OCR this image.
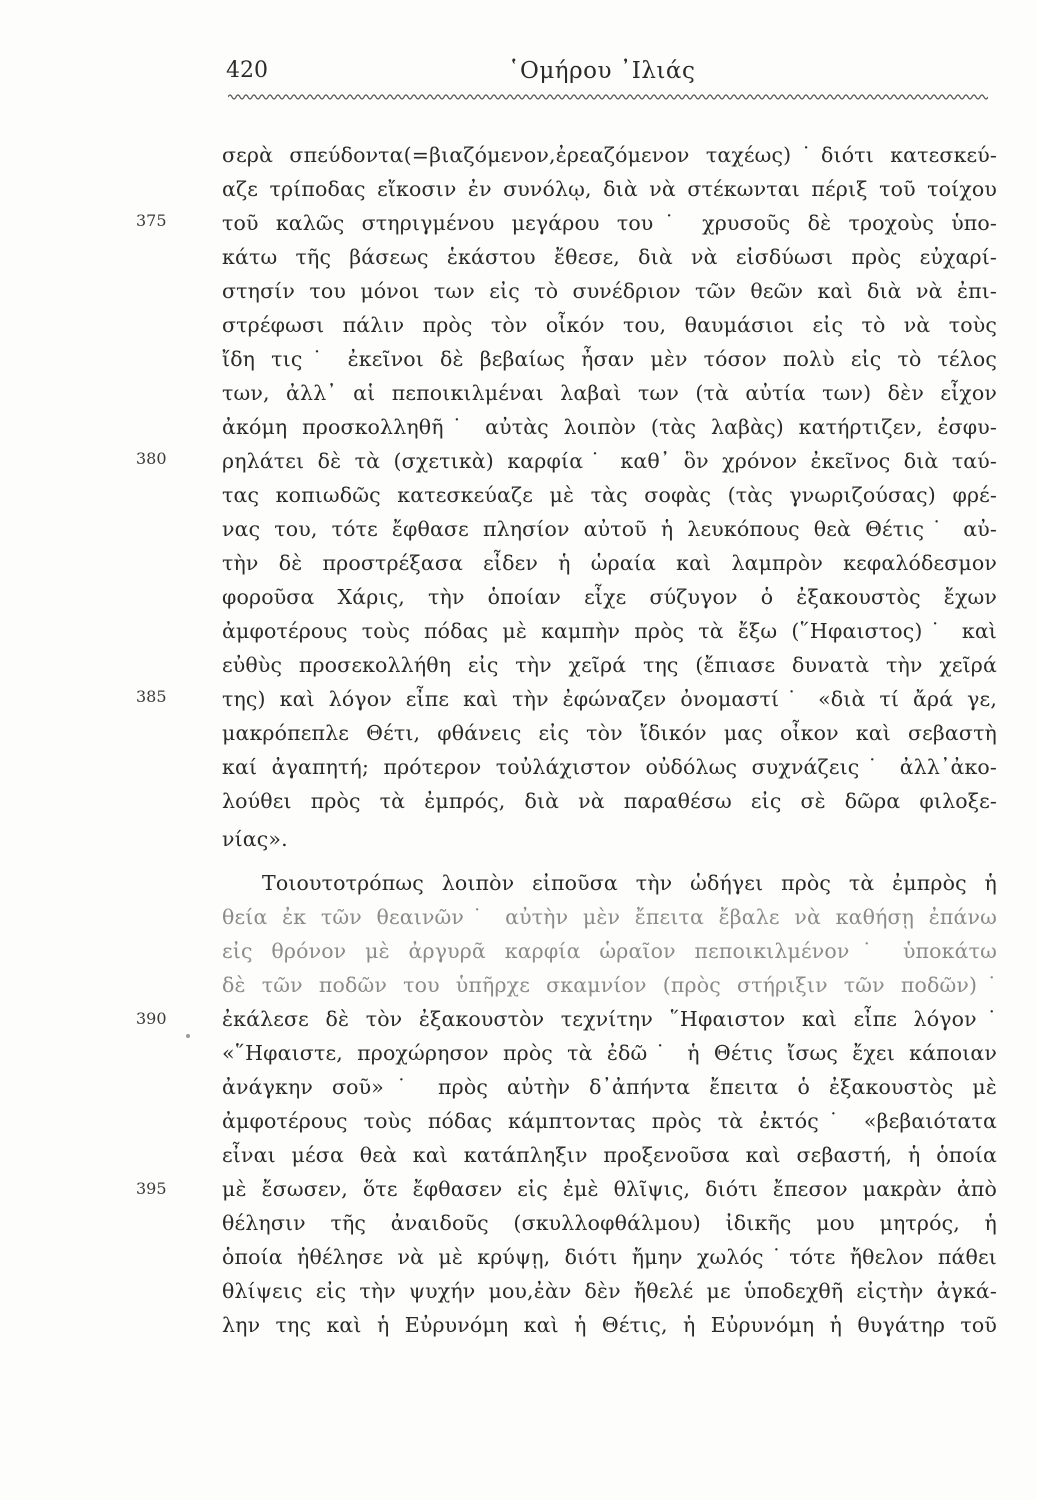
420	῾Ομήρου ᾿Ιλιάς
σερὰ σπεύδοντα(=βιαζόμενον,ἐρεαζόμενον ταχέως)˙διότι κατεσκεύ-
αζε τρίποδας εἴκοσιν ἐν συνόλῳ, διὰ νὰ στέκωνται πέριξ τοῦ τοίχου
τοῦ καλῶς στηριγμένου μεγάρου του˙ χρυσοῦς δὲ τροχοὺς ὑπο-
κάτω τῆς βάσεως ἑκάστου ἔθεσε, διὰ νὰ εἰσδύωσι πρὸς εὐχαρί-
στησίν του μόνοι των εἰς τὸ συνέδριον τῶν θεῶν καὶ διὰ νὰ ἐπι-
στρέφωσι πάλιν πρὸς τὸν οἶκόν του, θαυμάσιοι εἰς τὸ νὰ τοὺς
ἴδη τις˙ ἐκεῖνοι δὲ βεβαίως ἦσαν μὲν τόσον πολὺ εἰς τὸ τέλος
των, ἀλλ᾽ αἱ πεποικιλμέναι λαβαὶ των (τὰ αὐτία των) δὲν εἶχον
ἀκόμη προσκολληθῆ˙ αὐτὰς λοιπὸν (τὰς λαβὰς) κατήρτιζεν, ἐσφυ-
ρηλάτει δὲ τὰ (σχετικὰ) καρφία˙ καθ᾽ ὃν χρόνον ἐκεῖνος διὰ ταύ-
τας κοπιωδῶς κατεσκεύαζε μὲ τὰς σοφὰς (τὰς γνωριζούσας) φρέ-
νας του, τότε ἔφθασε πλησίον αὐτοῦ ἡ λευκόπους θεὰ Θέτις˙ αὐ-
τὴν δὲ προστρέξασα εἶδεν ἡ ὡραία καὶ λαμπρὸν κεφαλόδεσμον
φοροῦσα Χάρις, τὴν ὁποίαν εἶχε σύζυγον ὁ ἐξακουστὸς ἔχων
ἀμφοτέρους τοὺς πόδας μὲ καμπὴν πρὸς τὰ ἔξω (῞Ηφαιστος)˙ καὶ
εὐθὺς προσεκολλήθη εἰς τὴν χεῖρά της (ἔπιασε δυνατὰ τὴν χεῖρά
της) καὶ λόγον εἶπε καὶ τὴν ἐφώναζεν ὀνομαστί˙ «διὰ τί ἄρά γε,
μακρόπεπλε Θέτι, φθάνεις εἰς τὸν ἴδικόν μας οἶκον καὶ σεβαστὴ
καί ἀγαπητή; πρότερον τοὐλάχιστον οὐδόλως συχνάζεις˙ ἀλλ᾽ἀκο-
λούθει πρὸς τὰ ἐμπρός, διὰ νὰ παραθέσω εἰς σὲ δῶρα φιλοξε-
νίας».
Τοιουτοτρόπως λοιπὸν εἰποῦσα τὴν ὡδήγει πρὸς τὰ ἐμπρὸς ἡ
θεία ἐκ τῶν θεαινῶν˙ αὐτὴν μὲν ἔπειτα ἔβαλε νὰ καθήσῃ ἐπάνω
εἰς θρόνον μὲ ἀργυρᾶ καρφία ὡραῖον πεποικιλμένον˙ ὑποκάτω
δὲ τῶν ποδῶν του ὑπῆρχε σκαμνίον (πρὸς στήριξιν τῶν ποδῶν)˙
ἐκάλεσε δὲ τὸν ἐξακουστὸν τεχνίτην ῞Ηφαιστον καὶ εἶπε λόγον˙
«῞Ηφαιστε, προχώρησον πρὸς τὰ ἐδῶ˙ ἡ Θέτις ἴσως ἔχει κάποιαν
ἀνάγκην σοῦ»˙ πρὸς αὐτὴν δ᾽ἀπήντα ἔπειτα ὁ ἐξακουστὸς μὲ
ἀμφοτέρους τοὺς πόδας κάμπτοντας πρὸς τὰ ἐκτός˙ «βεβαιότατα
εἶναι μέσα θεὰ καὶ κατάπληξιν προξενοῦσα καὶ σεβαστή, ἡ ὁποία
μὲ ἔσωσεν, ὅτε ἔφθασεν εἰς ἐμὲ θλῖψις, διότι ἔπεσον μακρὰν ἀπὸ
θέλησιν τῆς ἀναιδοῦς (σκυλλοφθάλμου) ἰδικῆς μου μητρός, ἡ
ὁποία ἠθέλησε νὰ μὲ κρύψῃ, διότι ἤμην χωλός˙τότε ἤθελον πάθει
θλίψεις εἰς τὴν ψυχήν μου,ἐὰν δὲν ἤθελέ με ὑποδεχθῆ εἰςτὴν ἀγκά-
λην της καὶ ἡ Εὐρυνόμη καὶ ἡ Θέτις, ἡ Εὐρυνόμη ἡ θυγάτηρ τοῦ
375
380
385
390
395
